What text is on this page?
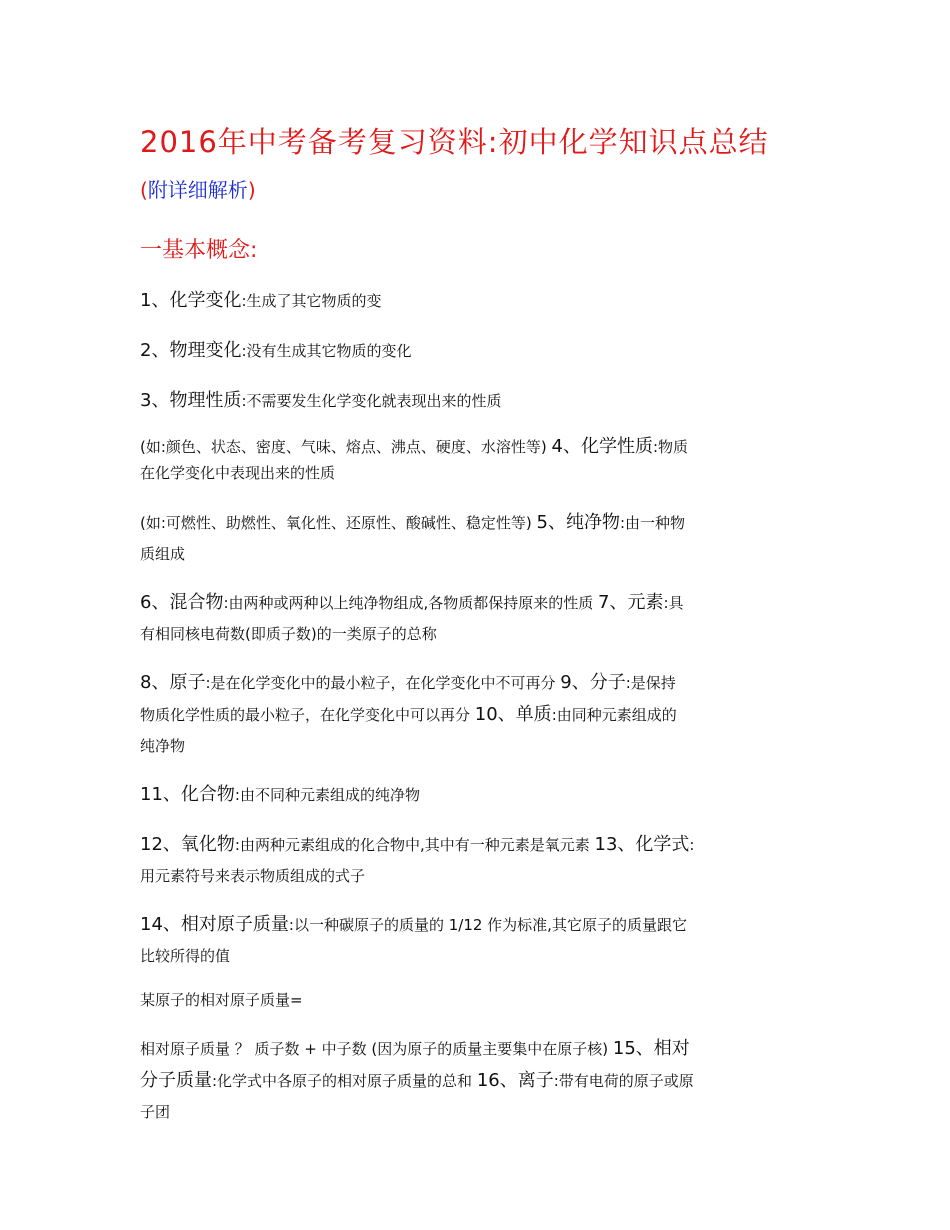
2016年中考备考复习资料:初中化学知识点总结
(附详细解析)
一基本概念:
1、化学变化:生成了其它物质的变
2、物理变化:没有生成其它物质的变化
3、物理性质:不需要发生化学变化就表现出来的性质
(如:颜色、状态、密度、气味、熔点、沸点、硬度、水溶性等) 4、化学性质:物质
在化学变化中表现出来的性质
(如:可燃性、助燃性、氧化性、还原性、酸碱性、稳定性等) 5、纯净物:由一种物
质组成
6、混合物:由两种或两种以上纯净物组成,各物质都保持原来的性质 7、元素:具
有相同核电荷数(即质子数)的一类原子的总称
8、原子:是在化学变化中的最小粒子，在化学变化中不可再分 9、分子:是保持
物质化学性质的最小粒子，在化学变化中可以再分 10、单质:由同种元素组成的
纯净物
11、化合物:由不同种元素组成的纯净物
12、氧化物:由两种元素组成的化合物中,其中有一种元素是氧元素 13、化学式:
用元素符号来表示物质组成的式子
14、相对原子质量:以一种碳原子的质量的 1/12 作为标准,其它原子的质量跟它
比较所得的值
某原子的相对原子质量=
相对原子质量 ？ 质子数 + 中子数 (因为原子的质量主要集中在原子核) 15、相对
分子质量:化学式中各原子的相对原子质量的总和 16、离子:带有电荷的原子或原
子团
